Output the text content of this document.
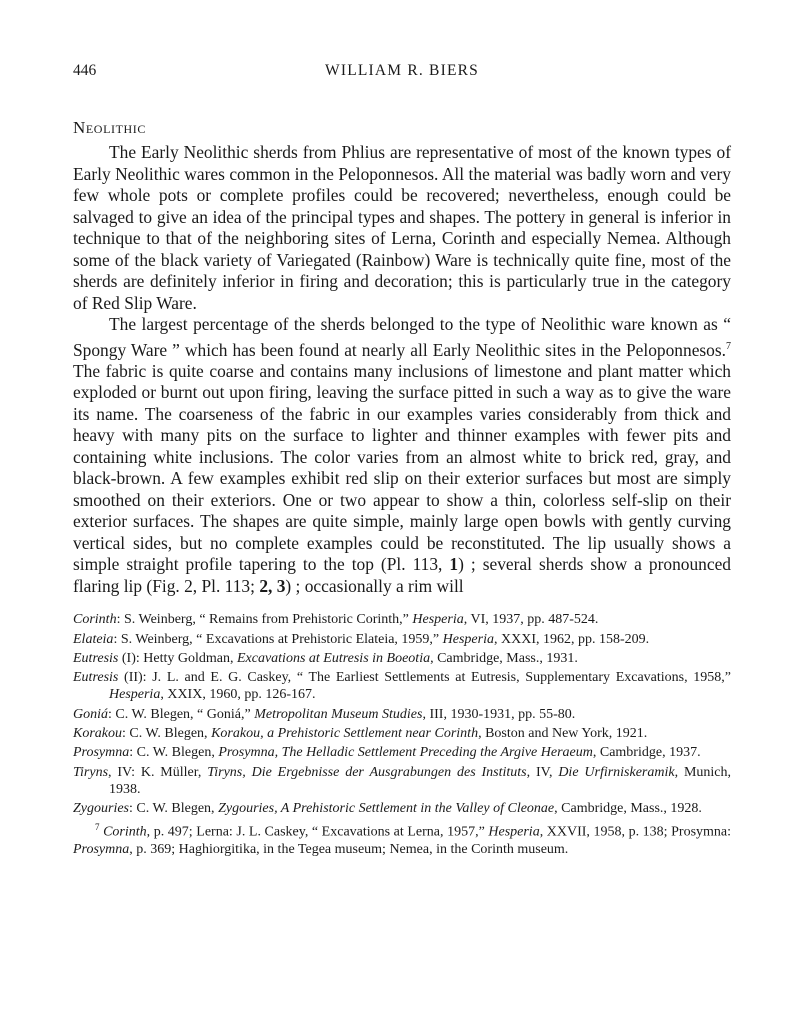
446	WILLIAM R. BIERS
Neolithic

The Early Neolithic sherds from Phlius are representative of most of the known types of Early Neolithic wares common in the Peloponnesos. All the material was badly worn and very few whole pots or complete profiles could be recovered; nevertheless, enough could be salvaged to give an idea of the principal types and shapes. The pottery in general is inferior in technique to that of the neighboring sites of Lerna, Corinth and especially Nemea. Although some of the black variety of Variegated (Rainbow) Ware is technically quite fine, most of the sherds are definitely inferior in firing and decoration; this is particularly true in the category of Red Slip Ware.

The largest percentage of the sherds belonged to the type of Neolithic ware known as “ Spongy Ware ” which has been found at nearly all Early Neolithic sites in the Peloponnesos.$^7$ The fabric is quite coarse and contains many inclusions of limestone and plant matter which exploded or burnt out upon firing, leaving the surface pitted in such a way as to give the ware its name. The coarseness of the fabric in our examples varies considerably from thick and heavy with many pits on the surface to lighter and thinner examples with fewer pits and containing white inclusions. The color varies from an almost white to brick red, gray, and black-brown. A few examples exhibit red slip on their exterior surfaces but most are simply smoothed on their exteriors. One or two appear to show a thin, colorless self-slip on their exterior surfaces. The shapes are quite simple, mainly large open bowls with gently curving vertical sides, but no complete examples could be reconstituted. The lip usually shows a simple straight profile tapering to the top (Pl. 113, 1) ; several sherds show a pronounced flaring lip (Fig. 2, Pl. 113; 2, 3) ; occasionally a rim will

Corinth: S. Weinberg, “ Remains from Prehistoric Corinth,” Hesperia, VI, 1937, pp. 487-524.

Elateia: S. Weinberg, “ Excavations at Prehistoric Elateia, 1959,” Hesperia, XXXI, 1962, pp. 158-209.

Eutresis (I): Hetty Goldman, Excavations at Eutresis in Boeotia, Cambridge, Mass., 1931.

Eutresis (II): J. L. and E. G. Caskey, “ The Earliest Settlements at Eutresis, Supplementary Excavations, 1958,” Hesperia, XXIX, 1960, pp. 126-167.

Goniá: C. W. Blegen, “ Goniá,” Metropolitan Museum Studies, III, 1930-1931, pp. 55-80.

Korakou: C. W. Blegen, Korakou, a Prehistoric Settlement near Corinth, Boston and New York, 1921.

Prosymna: C. W. Blegen, Prosymna, The Helladic Settlement Preceding the Argive Heraeum, Cambridge, 1937.

Tiryns, IV: K. Müller, Tiryns, Die Ergebnisse der Ausgrabungen des Instituts, IV, Die Urfirniskeramik, Munich, 1938.

Zygouries: C. W. Blegen, Zygouries, A Prehistoric Settlement in the Valley of Cleonae, Cambridge, Mass., 1928.

$^7$ Corinth, p. 497; Lerna: J. L. Caskey, “ Excavations at Lerna, 1957,” Hesperia, XXVII, 1958, p. 138; Prosymna: Prosymna, p. 369; Haghiorgitika, in the Tegea museum; Nemea, in the Corinth museum.
